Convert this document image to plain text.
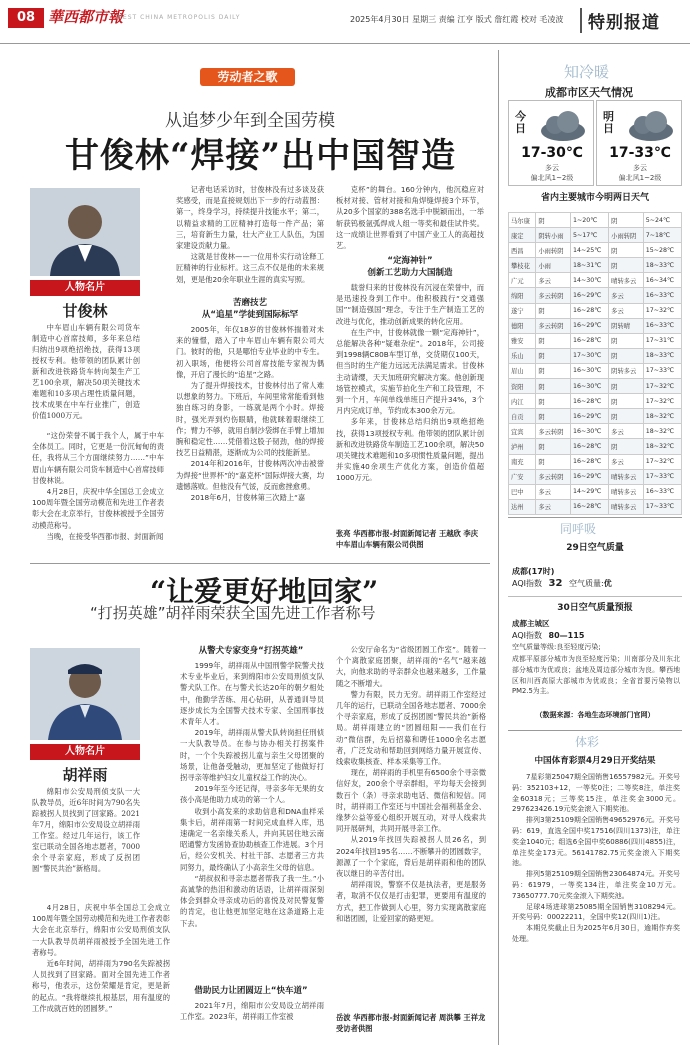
08 華西都市報
WEST CHINA METROPOLIS DAILY	2025年4月30日 星期三 责编 江亨 版式 詹红霞 校对 毛凌波	特别报道
劳动者之歌
从追梦少年到全国劳模
甘俊林“焊接”出中国智造
人物名片
甘俊林
中车眉山车辆有限公司货车制造中心首席技师，多年来总结归纳出9项绝招绝技，获得13项授权专利。他带领的团队累计创新和改进铁路货车转向架生产工艺100余项，解决50项关键技术难题和10多项占理性质量问题，技术成果在中车行业推广，创造价值1000万元。
“这份荣誉不属于我个人，属于中车全体员工。同时，它更是一份沉甸甸的责任，我将从三个方面继续努力……”中车眉山车辆有限公司货车制造中心首席技师甘俊林说。
4月28日，庆祝中华全国总工会成立100周年暨全国劳动模范和先进工作者表彰大会在北京举行，甘俊林被授予全国劳动模范称号。
当晚，在接受华西都市报、封面新闻
记者电话采访时，甘俊林没有过多谈及获奖感受，而是直接规划出下一步的行动蓝图：第一，终身学习，持续提升技能水平；第二，以精益求精的工匠精神打造每一件产品；第三，培育新生力量，壮大产业工人队伍，为国家建设贡献力量。
这就是甘俊林——一位用朴实行动诠释工匠精神的行业标杆。这三点不仅是他的未来规划，更是他20余年职业生涯的真实写照。
苦磨技艺
从“追星”学徒到国际标罕
2005年，年仅18岁的甘俊林怀揣着对未来的憧憬，踏入了中车眉山车辆有限公司大门。彼时的他，只是哪怕专业毕业的中专生。初入职场，他便将公司首席技能专家视为偶像，开启了漫长的“追星”之路。
为了提升焊接技术，甘俊林付出了常人难以想象的努力。下班后，车间里常常能看到他独自练习的身影，一练就是两个小时。焊接时，强光弄到灼伤眼睛，他就眯着眼继续工作；臂力不够，就用自制沙袋绑在手臂上增加腕和稳定性……凭借着这股子韧劲，他的焊接技艺日益精湛，逐渐成为公司的技能新星。
2014年和2016年，甘俊林两次冲击被誉为焊接“世界杯”的“嘉克杯”国际焊接大赛，均遗憾落败。但他没有气馁，反而愈挫愈勇。
2018年6月，甘俊林第三次踏上“嘉
克杯”的舞台。160分钟内，他沉稳应对板材对接、管材对接和角焊缝焊接3个环节，从20多个国家的388名选手中脱颖而出，一举斩获钨极氩弧焊成人组一等奖和最佳试件奖。这一成绩让世界看到了中国产业工人的高超技艺。
“定海神针”
创新工艺助力大国制造
载誉归来的甘俊林没有沉浸在荣誉中，而是迅速投身到工作中。他积极践行“交通强国”“制造强国”理念，专注于生产制造工艺的改进与优化，推动创新成果的转化应用。
在生产中，甘俊林就像一颗“定海神针”，总能解决各种“疑难杂症”。2018年，公司接到1998辆C80B车型订单，交货期仅100天，但当时的生产能力远远无法满足需求。甘俊林主动请缨，天天加班研究解决方案。他创新现场管控模式，实施节拍化生产和工段管理，不到一个月，车间单线单班日产提升34%，3个月内完成订单，节约成本300余万元。
多年来，甘俊林总结归纳出9项绝招绝技，获得13项授权专利。他带领的团队累计创新和改进铁路货车制造工艺100余项，解决50项关键技术难题和10多项惯性质量问题，提出并实施40余项生产优化方案，创造价值超1000万元。
张亮 华西都市报-封面新闻记者 王越欣 李庆 中车眉山车辆有限公司供图
“让爱更好地回家”
“打拐英雄”胡祥雨荣获全国先进工作者称号
人物名片
胡祥雨
绵阳市公安局刑侦支队一大队教导员，近6年时间为790名失踪被拐人员找到了回家路。2021年7月，绵阳市公安局设立胡祥雨工作室。经过几年运行，该工作室已联动全国各地志愿者，7000余个寻亲家庭，形成了反拐团圆“警民共治”新格局。
4月28日，庆祝中华全国总工会成立100周年暨全国劳动模范和先进工作者表彰大会在北京举行，绵阳市公安局刑侦支队一大队教导员胡祥雨被授予全国先进工作者称号。
近6年时间，胡祥雨为790名失踪被拐人员找到了回家路。面对全国先进工作者称号，他表示，这份荣耀是肯定，更是新的起点。“我将继续扎根基层，用有温度的工作成就百姓的团圆梦。”
从警犬专家变身“打拐英雄”
1999年，胡祥雨从中国刑警学院警犬技术专业毕业后，来到绵阳市公安局刑侦支队警犬队工作。在与警犬长达20年的朝夕相处中，他勤学苦练、用心钻研，从普通训导员逐步成长为全国警犬技术专家、全国刑事技术青年人才。
2019年，胡祥雨从警犬队转岗担任刑侦一大队教导员。在参与协办相关打拐案件时，一个个失踪被拐儿童与亲生父母团聚的场景，让他备受触动，更加坚定了他做好打拐寻亲等维护妇女儿童权益工作的决心。
2019年至今还记得，寻亲多年无果的女孩小高是他助力成功的第一个人。
收到小高发来的求助信息和DNA血样采集卡后，胡祥雨第一时间完成血样入库，迅速确定一名亲缘关系人，并向其居住地云南昭通警方发函协查协助核查工作进展。3个月后，经公安机关、村社干部、志愿者三方共同努力，最终确认了小高亲生父母的信息。
“胡叔叔和寻亲志愿者帮我了我一生。”小高诚挚的热泪和激动的话语，让胡祥雨深刻体会到群众寻亲成功后的喜悦及对民警复警的肯定，也让他更加坚定地在这条道路上走下去。
借助民力让团圆迈上“快车道”
2021年7月，绵阳市公安局设立胡祥雨工作室。2023年，胡祥雨工作室被
公安厅命名为“省级团圆工作室”。随着一个个离散家庭团聚，胡祥雨的“名气”越来越大，向他求助的寻亲群众也越来越多，工作量随之不断增大。
警力有限，民力无穷。胡祥雨工作室经过几年的运行，已联动全国各地志愿者、7000余个寻亲家庭，形成了反拐团圆“警民共治”新格局。胡祥雨建立的“团圆纽阳——我们在行动”微信群，先后招募和聘任1000余名志愿者，广泛发动和帮助回到网络力量开展宣传、线索收集核查、样本采集等工作。
现在，胡祥雨的手机里有6500余个寻亲微信好友，200余个寻亲群组，平均每天会接到数百个（条）寻亲求助电话、微信和短信。同时，胡祥雨工作室还与中国社会福利基金会、缘梦公益等爱心组织开展互动，对寻人线索共同开展研判，共同开展寻亲工作。
从2019年找回失踪被拐人员26名，到2024年找回195名……不断攀升的团圆数字，源源了一个个家庭，背后是胡祥雨和他的团队夜以继日的辛苦付出。
胡祥雨说，警察不仅是执法者，更是服务者，取消不仅仅是打击犯罪，更要用有温度的方式，把工作做到人心里，努力实现离散家庭和谐团圆，让爱回家的路更短。
岳波 华西都市报-封面新闻记者 周洪攀 王祥龙 受访者供图
知冷暖
成都市区天气情况
今日
17-30℃
多云
偏北风1~2级
明日
17-33℃
多云
偏北风1~2级
省内主要城市今明两日天气
马尔康	阴	1~20℃	阴	5~24℃
康定	阴转小雨	5~17℃	小雨转阴	7~18℃
西昌	小雨转阴	14~25℃	阴	15~28℃
攀枝花	小雨	18~31℃	阴	18~33℃
广元	多云	14~30℃	晴转多云	16~34℃
绵阳	多云转阴	16~29℃	多云	16~33℃
遂宁	阴	16~28℃	多云	17~32℃
德阳	多云转阴	16~29℃	阴转晴	16~33℃
雅安	阴	16~28℃	阴	17~31℃
乐山	阴	17~30℃	阴	18~33℃
眉山	阴	16~30℃	阴转多云	17~33℃
资阳	阴	16~30℃	阴	17~32℃
内江	阴	16~28℃	阴	17~32℃
自贡	阴	16~29℃	阴	18~32℃
宜宾	多云转阴	16~30℃	多云	18~32℃
泸州	阴	16~28℃	阴	18~32℃
南充	阴	16~28℃	多云	17~32℃
广安	多云转阴	16~29℃	晴转多云	17~33℃
巴中	多云	14~29℃	晴转多云	16~33℃
达州	多云	16~28℃	晴转多云	17~33℃
同呼吸
29日空气质量
成都(17时)
AQI指数 32 空气质量:优
30日空气质量预报
成都主城区
AQI指数 80—115
空气质量等级:良至轻度污染;
成都平原部分城市为良至轻度污染；川南部分及川东北部分城市为优或良；盆地及周边部分城市为良。攀西地区和川西高原大部城市为优或良；全省首要污染物以PM2.5为主。
（数据来源：各地生态环境部门官网）
体彩
中国体育彩票4月29日开奖结果
7星彩第25047期全国销售16557982元。开奖号码：352103+12，一等奖0注；二等奖8注，单注奖金60318元；三等奖15注，单注奖金3000元。297623426.19元奖金滚入下期奖池。
排列3第25109期全国销售49652976元。开奖号码：619，直选全国中奖17516(四川1373)注，单注奖金1040元；组选6全国中奖60886(四川4855)注，单注奖金173元。56141782.75元奖金滚入下期奖池。
排列5第25109期全国销售23064874元。开奖号码：61979，一等奖134注，单注奖金10万元。73650777.70元奖金滚入下期奖池。
足球4场进球第25085期全国销售3108294元。开奖号码：00022211，全国中奖12(四川1)注。
本期兑奖截止日为2025年6月30日，逾期作弃奖处理。
